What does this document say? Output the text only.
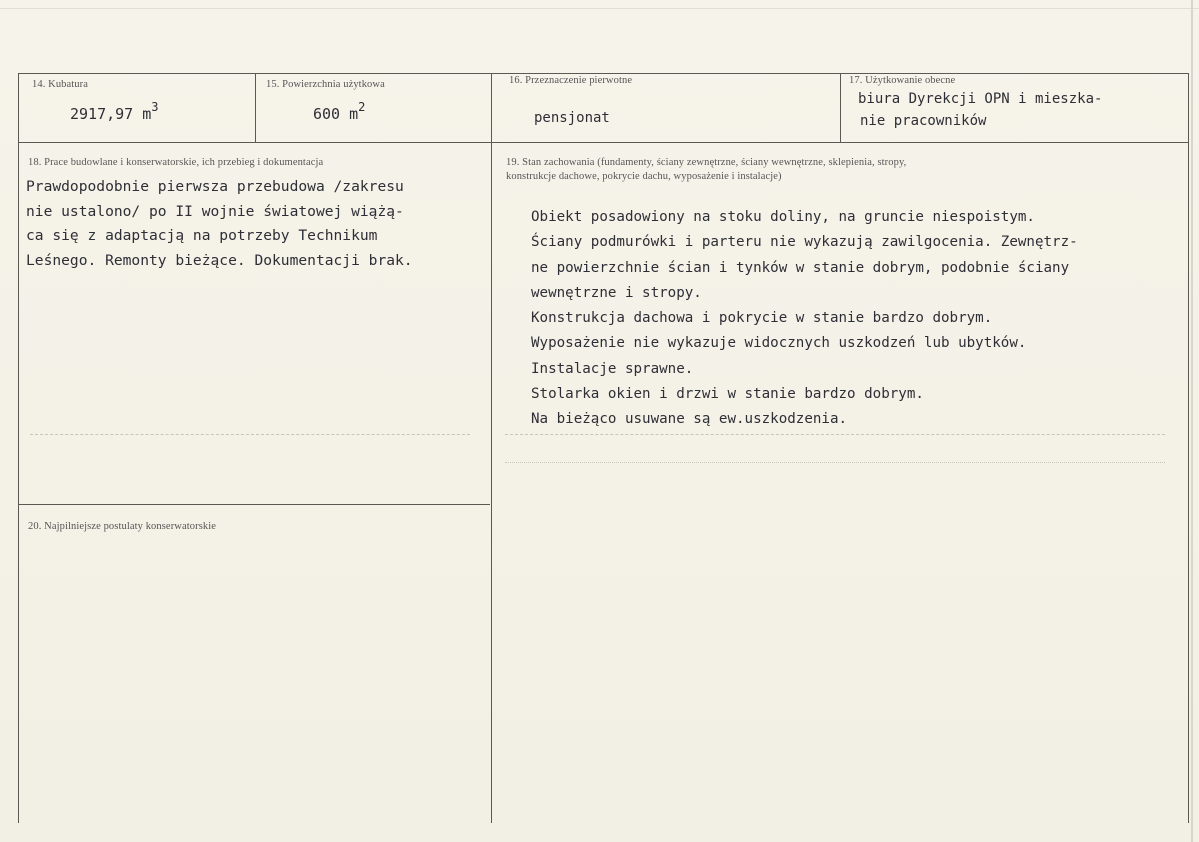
14. Kubatura
2917,97 $m^3$
15. Powierzchnia użytkowa
600 $m^2$
16. Przeznaczenie pierwotne
pensjonat
17. Użytkowanie obecne
biura Dyrekcji OPN i mieszka-
nie pracowników
18. Prace budowlane i konserwatorskie, ich przebieg i dokumentacja
Prawdopodobnie pierwsza przebudowa /zakresu
nie ustalono/ po II wojnie światowej wiążą-
ca się z adaptacją na potrzeby Technikum
Leśnego. Remonty bieżące. Dokumentacji brak.
19. Stan zachowania (fundamenty, ściany zewnętrzne, ściany wewnętrzne, sklepienia, stropy,
konstrukcje dachowe, pokrycie dachu, wyposażenie i instalacje)
Obiekt posadowiony na stoku doliny, na gruncie niespoistym.
Ściany podmurówki i parteru nie wykazują zawilgocenia. Zewnętrz-
ne powierzchnie ścian i tynków w stanie dobrym, podobnie ściany
wewnętrzne i stropy.
Konstrukcja dachowa i pokrycie w stanie bardzo dobrym.
Wyposażenie nie wykazuje widocznych uszkodzeń lub ubytków.
Instalacje sprawne.
Stolarka okien i drzwi w stanie bardzo dobrym.
Na bieżąco usuwane są ew.uszkodzenia.
20. Najpilniejsze postulaty konserwatorskie
